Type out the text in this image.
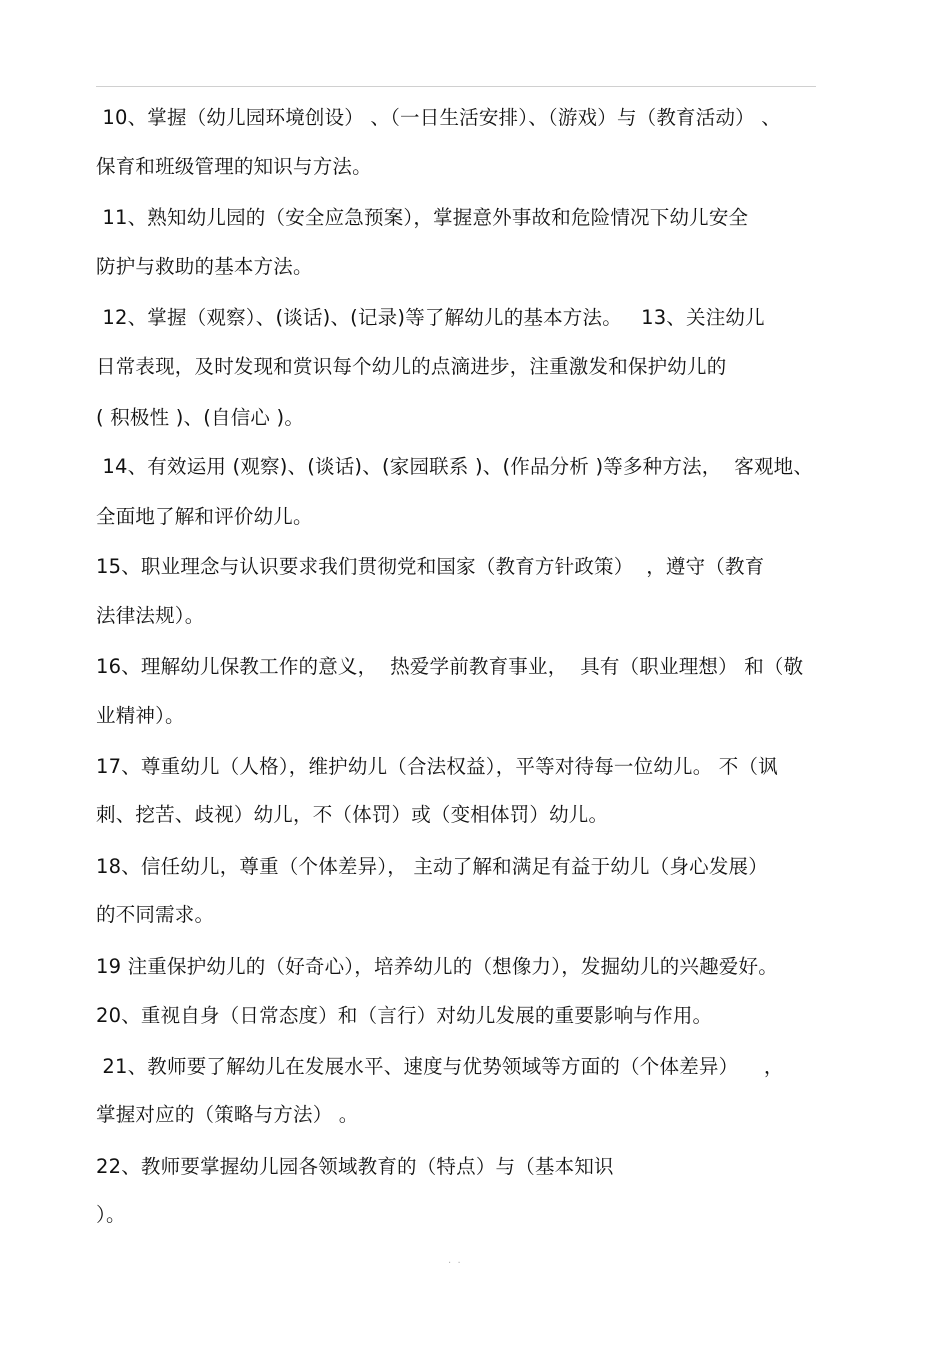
10、掌握（幼儿园环境创设） 、（一日生活安排）、（游戏）与（教育活动） 、
保育和班级管理的知识与方法。
11、熟知幼儿园的（安全应急预案），掌握意外事故和危险情况下幼儿安全
防护与救助的基本方法。
12、掌握（观察）、(谈话)、(记录)等了解幼儿的基本方法。   13、关注幼儿
日常表现，及时发现和赏识每个幼儿的点滴进步，注重激发和保护幼儿的
( 积极性 )、(自信心 )。
14、有效运用 (观察)、(谈话)、(家园联系 )、(作品分析 )等多种方法，  客观地、
全面地了解和评价幼儿。
15、职业理念与认识要求我们贯彻党和国家（教育方针政策）  ，遵守（教育
法律法规）。
16、理解幼儿保教工作的意义，  热爱学前教育事业，  具有（职业理想） 和（敬
业精神）。
17、尊重幼儿（人格），维护幼儿（合法权益），平等对待每一位幼儿。 不（讽
刺、挖苦、歧视）幼儿，不（体罚）或（变相体罚）幼儿。
18、信任幼儿，尊重（个体差异）， 主动了解和满足有益于幼儿（身心发展）
的不同需求。
19 注重保护幼儿的（好奇心），培养幼儿的（想像力），发掘幼儿的兴趣爱好。
20、重视自身（日常态度）和（言行）对幼儿发展的重要影响与作用。
21、教师要了解幼儿在发展水平、速度与优势领域等方面的（个体差异）    ，
掌握对应的（策略与方法） 。
22、教师要掌握幼儿园各领域教育的（特点）与（基本知识
）。
·  ·
